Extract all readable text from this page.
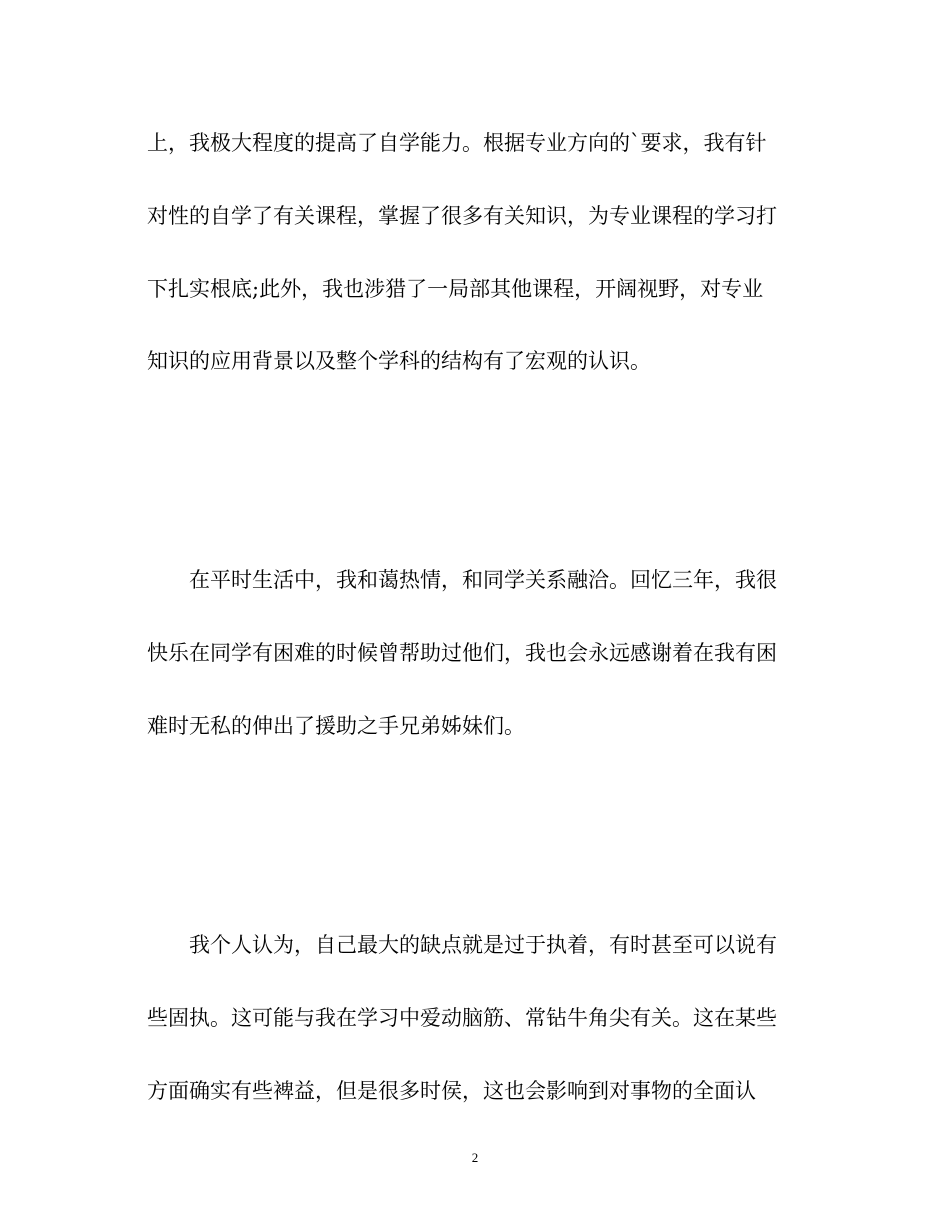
上，我极大程度的提高了自学能力。根据专业方向的`要求，我有针
对性的自学了有关课程，掌握了很多有关知识，为专业课程的学习打
下扎实根底;此外，我也涉猎了一局部其他课程，开阔视野，对专业
知识的应用背景以及整个学科的结构有了宏观的认识。
在平时生活中，我和蔼热情，和同学关系融洽。回忆三年，我很
快乐在同学有困难的时候曾帮助过他们，我也会永远感谢着在我有困
难时无私的伸出了援助之手兄弟姊妹们。
我个人认为，自己最大的缺点就是过于执着，有时甚至可以说有
些固执。这可能与我在学习中爱动脑筋、常钻牛角尖有关。这在某些
方面确实有些裨益，但是很多时侯，这也会影响到对事物的全面认
2
